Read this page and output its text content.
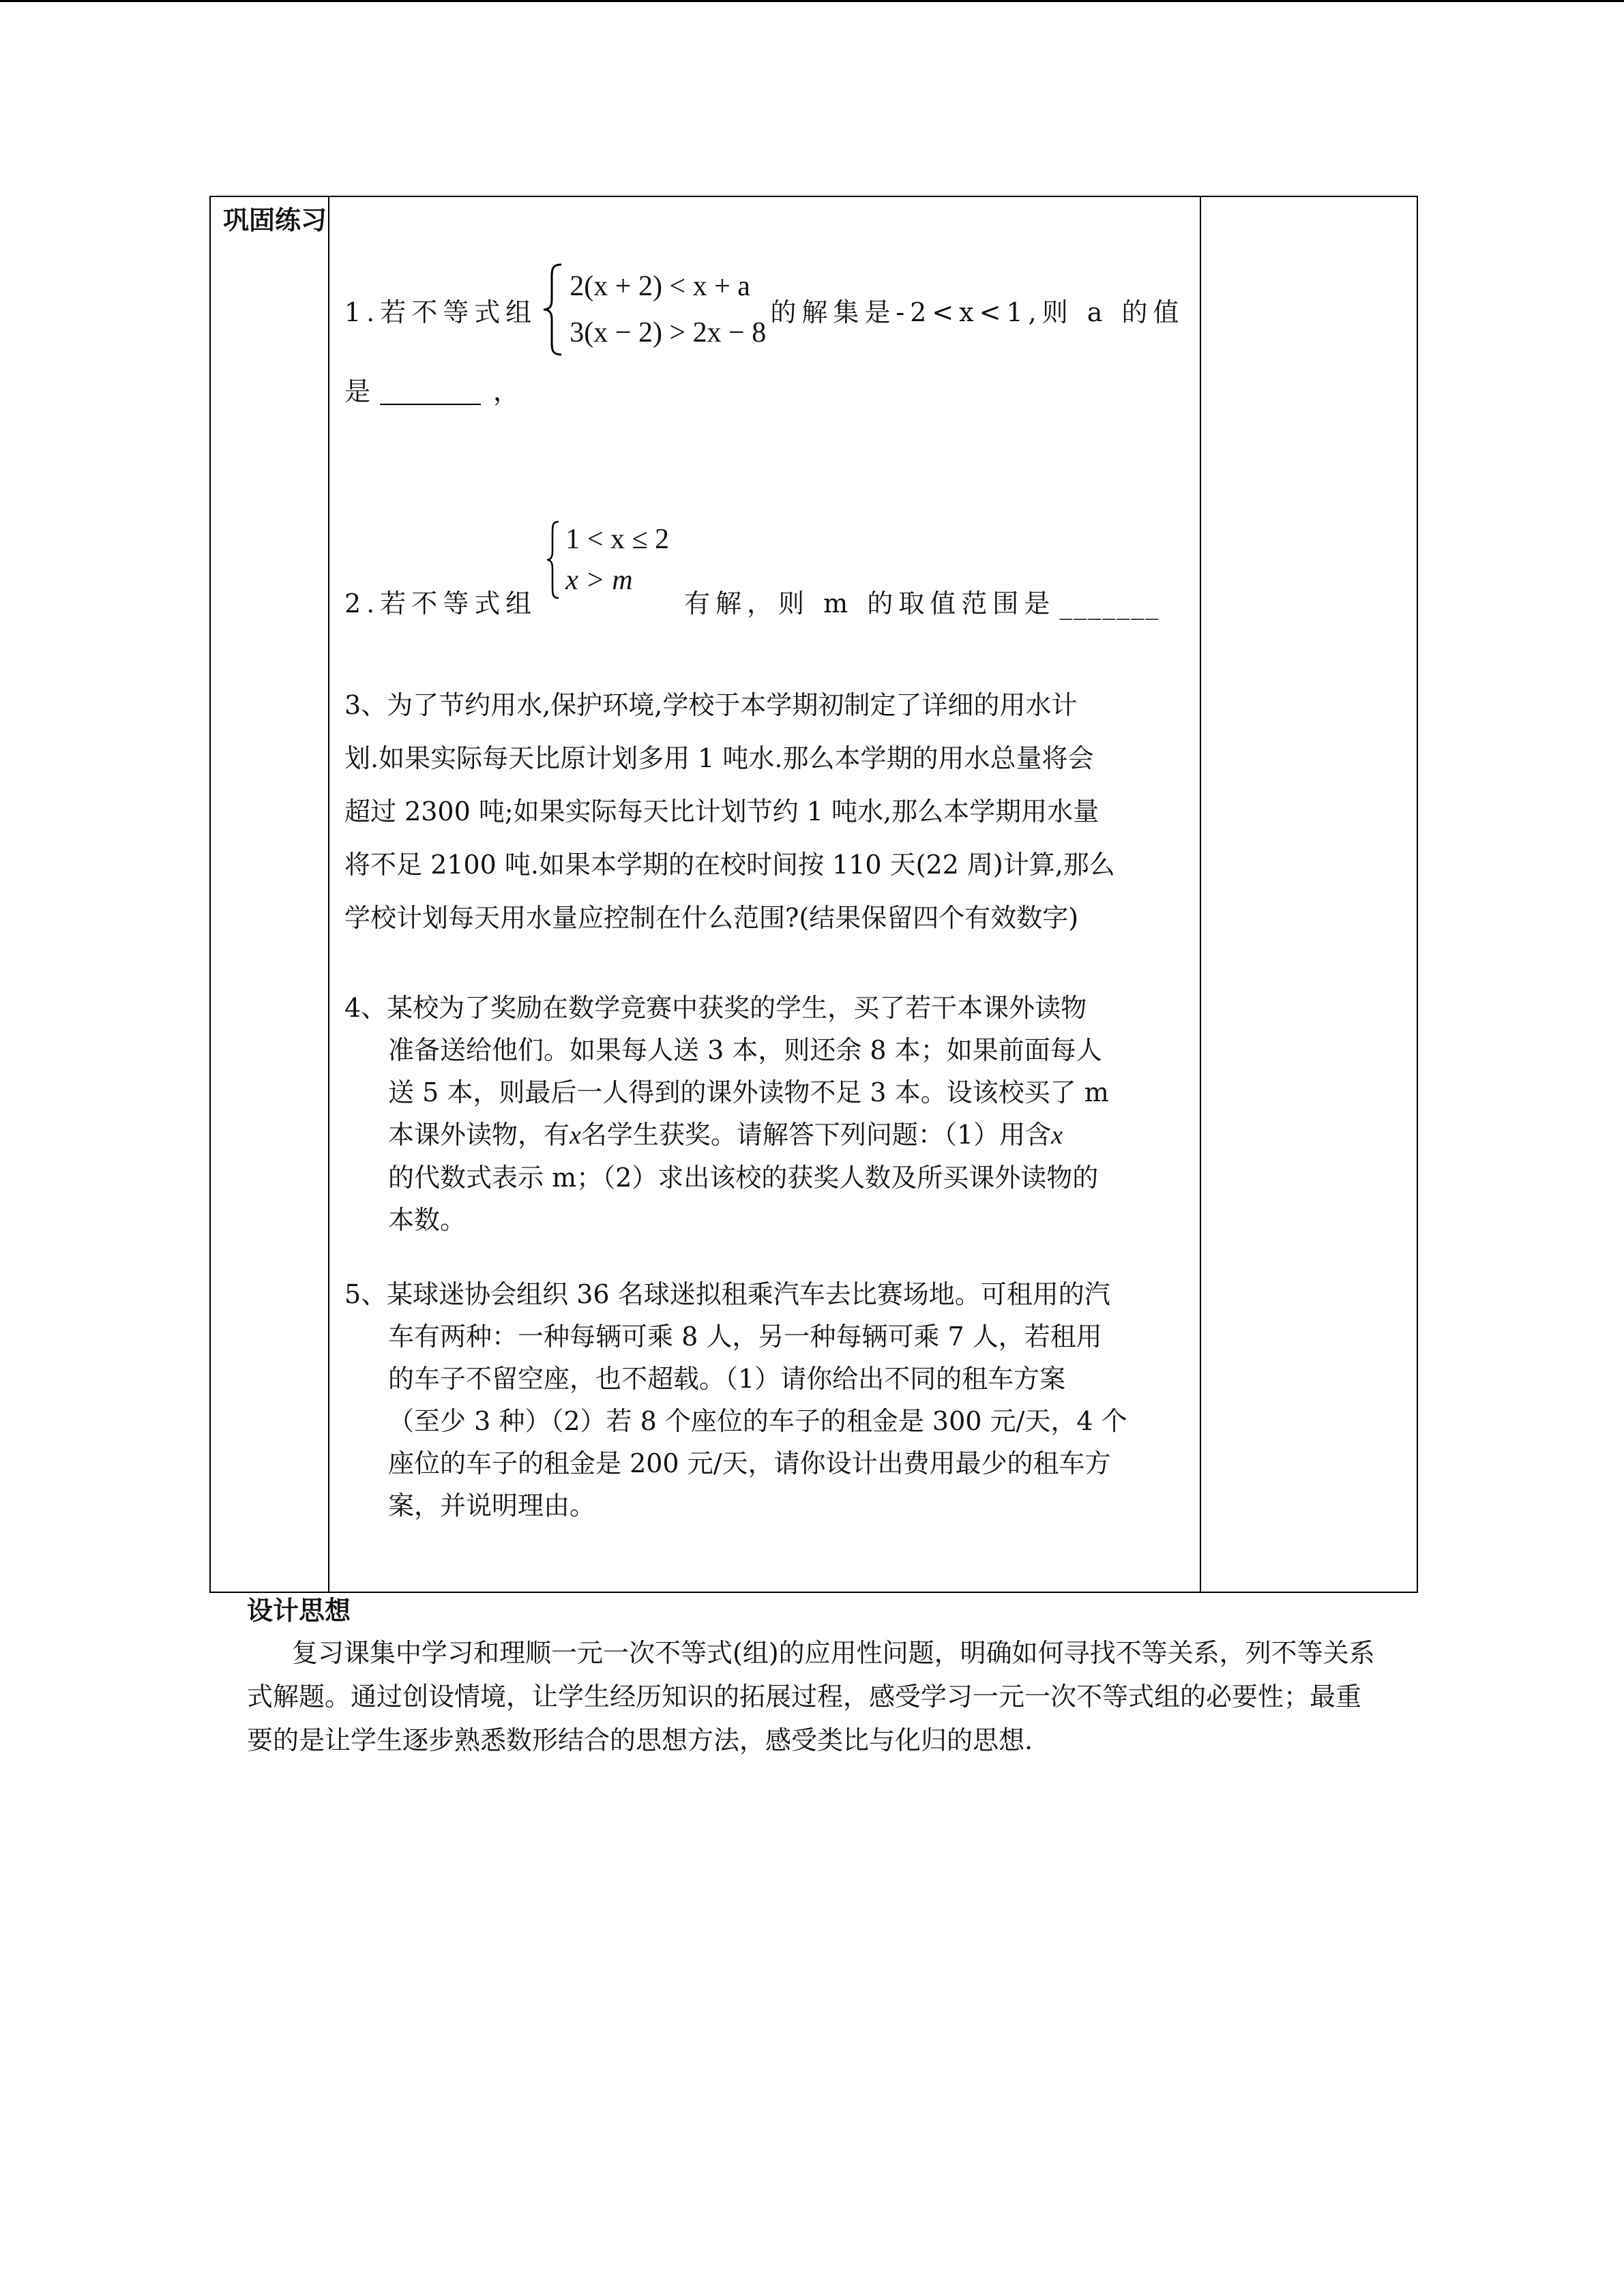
巩固练习

1.若不等式组
2(x + 2) < x + a
3(x − 2) > 2x − 8
的解集是-2<x<1,则 a 的值
是	，
2.若不等式组
1 < x ≤ 2
x > m
有解，则 m 的取值范围是 _______
3、为了节约用水,保护环境,学校于本学期初制定了详细的用水计
划.如果实际每天比原计划多用 1 吨水.那么本学期的用水总量将会
超过 2300 吨;如果实际每天比计划节约 1 吨水,那么本学期用水量
将不足 2100 吨.如果本学期的在校时间按 110 天(22 周)计算,那么
学校计划每天用水量应控制在什么范围?(结果保留四个有效数字)
4、某校为了奖励在数学竞赛中获奖的学生，买了若干本课外读物
准备送给他们。如果每人送 3 本，则还余 8 本；如果前面每人
送 5 本，则最后一人得到的课外读物不足 3 本。设该校买了 m
本课外读物，有x名学生获奖。请解答下列问题：（1）用含x
的代数式表示 m；（2）求出该校的获奖人数及所买课外读物的
本数。
5、某球迷协会组织 36 名球迷拟租乘汽车去比赛场地。可租用的汽
车有两种：一种每辆可乘 8 人，另一种每辆可乘 7 人，若租用
的车子不留空座，也不超载。（1）请你给出不同的租车方案
（至少 3 种）（2）若 8 个座位的车子的租金是 300 元/天，4 个
座位的车子的租金是 200 元/天，请你设计出费用最少的租车方
案，并说明理由。

设计思想
复习课集中学习和理顺一元一次不等式(组)的应用性问题，明确如何寻找不等关系，列不等关系式解题。通过创设情境，让学生经历知识的拓展过程，感受学习一元一次不等式组的必要性；最重要的是让学生逐步熟悉数形结合的思想方法，感受类比与化归的思想.
